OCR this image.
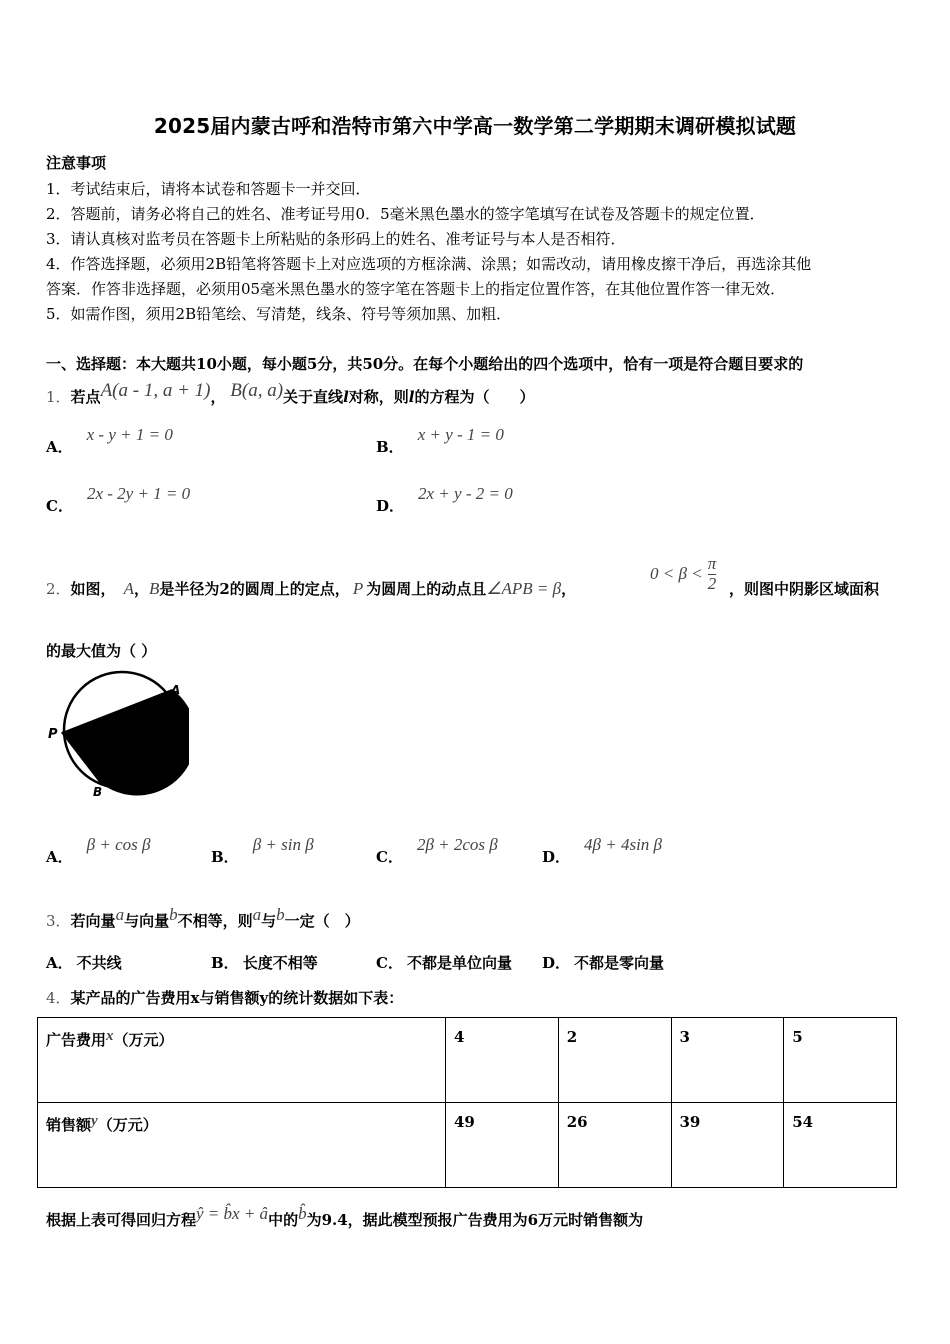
2025届内蒙古呼和浩特市第六中学高一数学第二学期期末调研模拟试题
注意事项
1．考试结束后，请将本试卷和答题卡一并交回．
2．答题前，请务必将自己的姓名、准考证号用0．5毫米黑色墨水的签字笔填写在试卷及答题卡的规定位置．
3．请认真核对监考员在答题卡上所粘贴的条形码上的姓名、准考证号与本人是否相符．
4．作答选择题，必须用2B铅笔将答题卡上对应选项的方框涂满、涂黑；如需改动，请用橡皮擦干净后，再选涂其他
答案．作答非选择题，必须用05毫米黑色墨水的签字笔在答题卡上的指定位置作答，在其他位置作答一律无效．
5．如需作图，须用2B铅笔绘、写清楚，线条、符号等须加黑、加粗．
一、选择题：本大题共10小题，每小题5分，共50分。在每个小题给出的四个选项中，恰有一项是符合题目要求的
1．若点A(a - 1, a + 1)， B(a, a)关于直线l对称，则l的方程为（　　）
A．x - y + 1 = 0
B．x + y - 1 = 0
C．2x - 2y + 1 = 0
D．2x + y - 2 = 0
2．如图， A，B是半径为2的圆周上的定点， P 为圆周上的动点且∠APB = β，
$0 < \beta < \frac{\pi}{2}$ ，则图中阴影区域面积
的最大值为（ ）
A
P
B
A．β + cos β
B．β + sin β
C．2β + 2cos β
D．4β + 4sin β
3．若向量a与向量b不相等，则a与b一定（　）
A． 不共线	B． 长度不相等	C． 不都是单位向量 D． 不都是零向量
4．某产品的广告费用x与销售额y的统计数据如下表：
广告费用x（万元）	4	2	3	5
销售额y（万元）	49	26	39	54
根据上表可得回归方程ŷ = b̂x + â中的b̂为9.4，据此模型预报广告费用为6万元时销售额为
